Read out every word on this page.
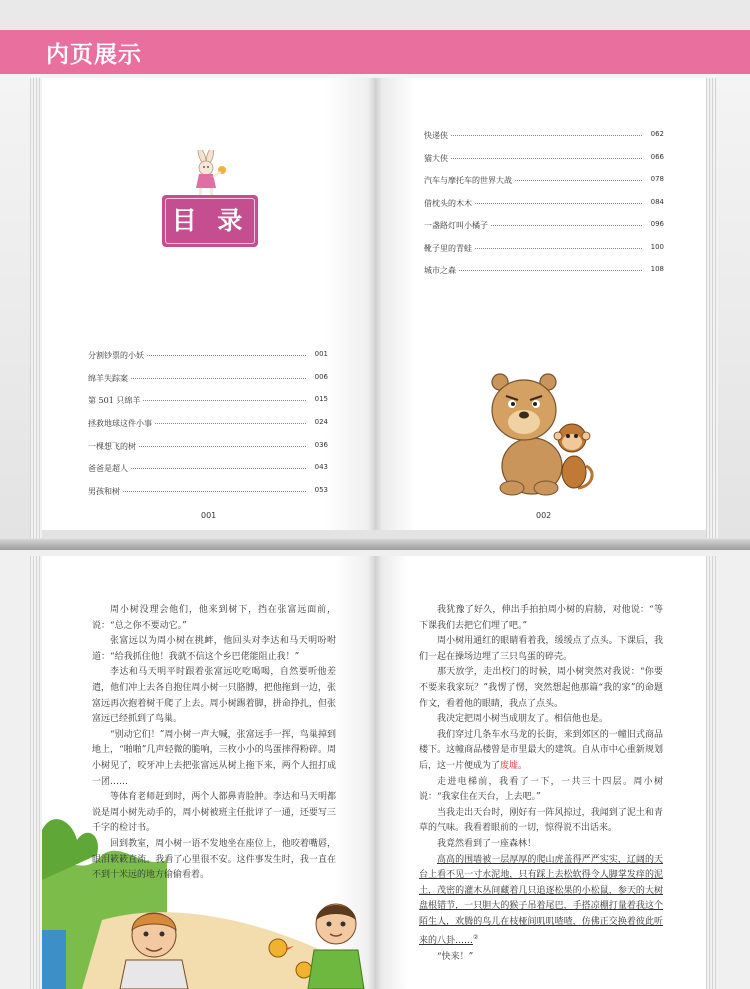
内页展示
目 录
分割钞票的小妖	001
绵羊失踪案	006
第 501 只绵羊	015
拯救地球这件小事	024
一棵想飞的树	036
爸爸是超人	043
男孩和树	053
001
快递侠	062
猫大侠	066
汽车与摩托车的世界大战	078
借枕头的木木	084
一盏路灯叫小橘子	096
靴子里的青蛙	100
城市之森	108
002

周小树没理会他们，他来到树下，挡在张富远面前，说：“总之你不要动它。”

张富远以为周小树在挑衅，他回头对李达和马天明吩咐道：“给我抓住他！我就不信这个乡巴佬能阻止我！”

李达和马天明平时跟着张富远吃吃喝喝，自然要听他差遣，他们冲上去各自抱住周小树一只胳膊，把他拖到一边，张富远再次抱着树干爬了上去。周小树踢着脚，拼命挣扎，但张富远已经抓到了鸟巢。

“别动它们！”周小树一声大喊，张富远手一挥，鸟巢掉到地上，“啪啪”几声轻微的脆响，三枚小小的鸟蛋摔得粉碎。周小树见了，咬牙冲上去把张富远从树上拖下来，两个人扭打成一团……

等体育老师赶到时，两个人都鼻青脸肿。李达和马天明都说是周小树先动手的，周小树被班主任批评了一通，还要写三千字的检讨书。

回到教室，周小树一语不发地坐在座位上，他咬着嘴唇，眼泪簌簌直流。我看了心里很不安。这件事发生时，我一直在不到十米远的地方偷偷看着。

我犹豫了好久，伸出手拍拍周小树的肩膀，对他说：“等下课我们去把它们埋了吧。”

周小树用通红的眼睛看着我，缓缓点了点头。下课后，我们一起在操场边埋了三只鸟蛋的碎壳。

那天放学，走出校门的时候，周小树突然对我说：“你要不要来我家玩？”我愣了愣，突然想起他那篇“我的家”的命题作文，看着他的眼睛，我点了点头。

我决定把周小树当成朋友了。相信他也是。

我们穿过几条车水马龙的长街，来到郊区的一幢旧式商品楼下。这幢商品楼曾是市里最大的建筑。自从市中心重新规划后，这一片便成为了废墟。

走进电梯前，我看了一下，一共三十四层。周小树说：“我家住在天台，上去吧。”

当我走出天台时，刚好有一阵风掠过，我闻到了泥土和青草的气味。我看着眼前的一切，惊得说不出话来。

我竟然看到了一座森林！

高高的围墙被一层厚厚的爬山虎盖得严严实实，辽阔的天台上看不见一寸水泥地，只有踩上去松软得令人脚掌发痒的泥土，茂密的灌木丛间藏着几只追逐松果的小松鼠，参天的大树盘根错节，一只胆大的猴子吊着尾巴，手搭凉棚打量着我这个陌生人，欢腾的鸟儿在枝桠间叽叽喳喳，仿佛正交换着彼此听来的八卦……②

“快来！”
